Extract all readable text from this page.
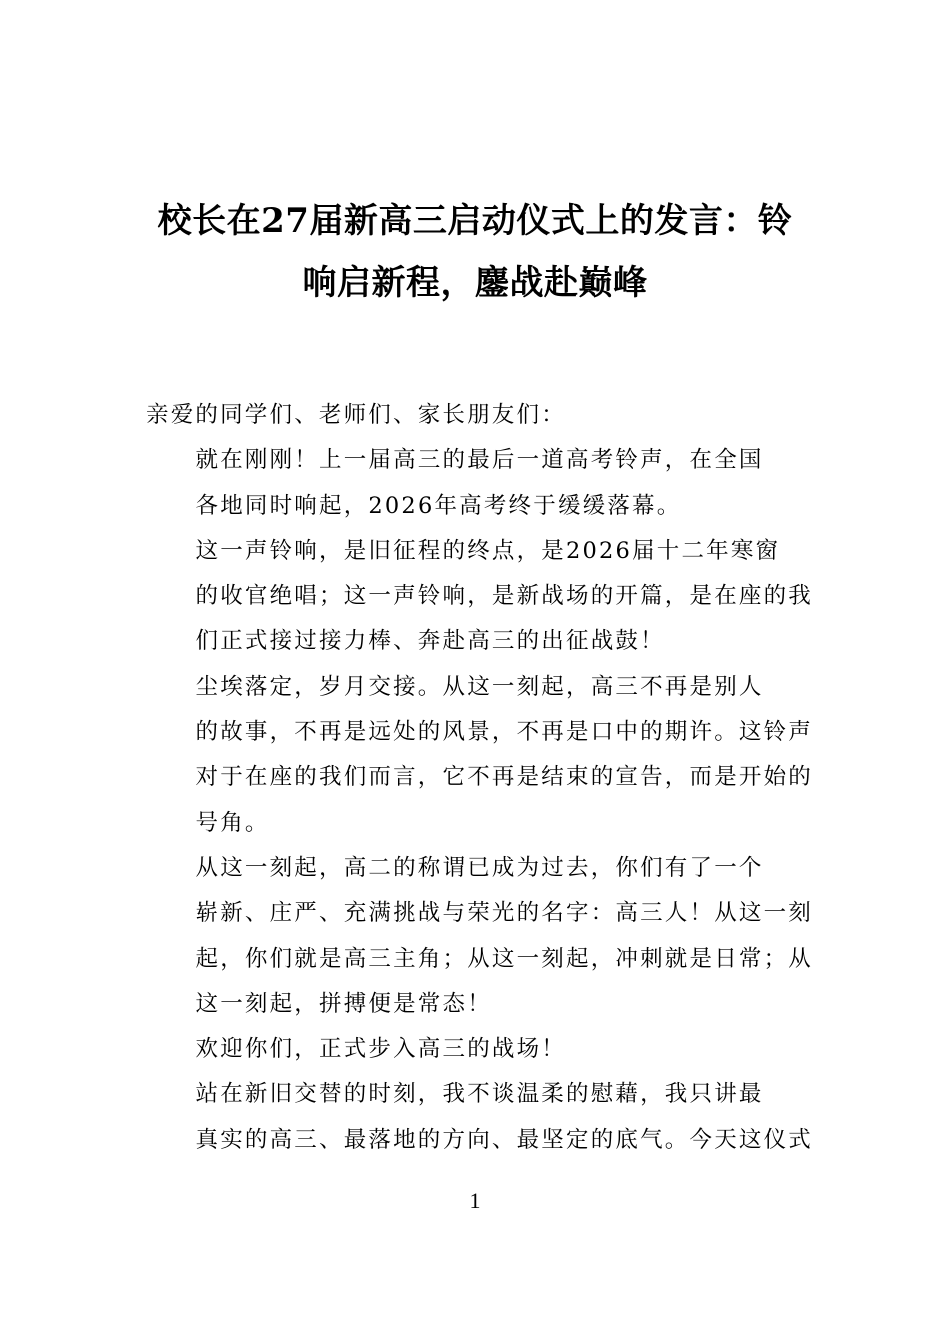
校长在27届新高三启动仪式上的发言：铃
响启新程，鏖战赴巅峰

亲爱的同学们、老师们、家长朋友们：

就在刚刚！上一届高三的最后一道高考铃声，在全国
各地同时响起，2026年高考终于缓缓落幕。

这一声铃响，是旧征程的终点，是2026届十二年寒窗
的收官绝唱；这一声铃响，是新战场的开篇，是在座的我
们正式接过接力棒、奔赴高三的出征战鼓！

尘埃落定，岁月交接。从这一刻起，高三不再是别人
的故事，不再是远处的风景，不再是口中的期许。这铃声
对于在座的我们而言，它不再是结束的宣告，而是开始的
号角。

从这一刻起，高二的称谓已成为过去，你们有了一个
崭新、庄严、充满挑战与荣光的名字：高三人！从这一刻
起，你们就是高三主角；从这一刻起，冲刺就是日常；从
这一刻起，拼搏便是常态！

欢迎你们，正式步入高三的战场！

站在新旧交替的时刻，我不谈温柔的慰藉，我只讲最
真实的高三、最落地的方向、最坚定的底气。今天这仪式

1
